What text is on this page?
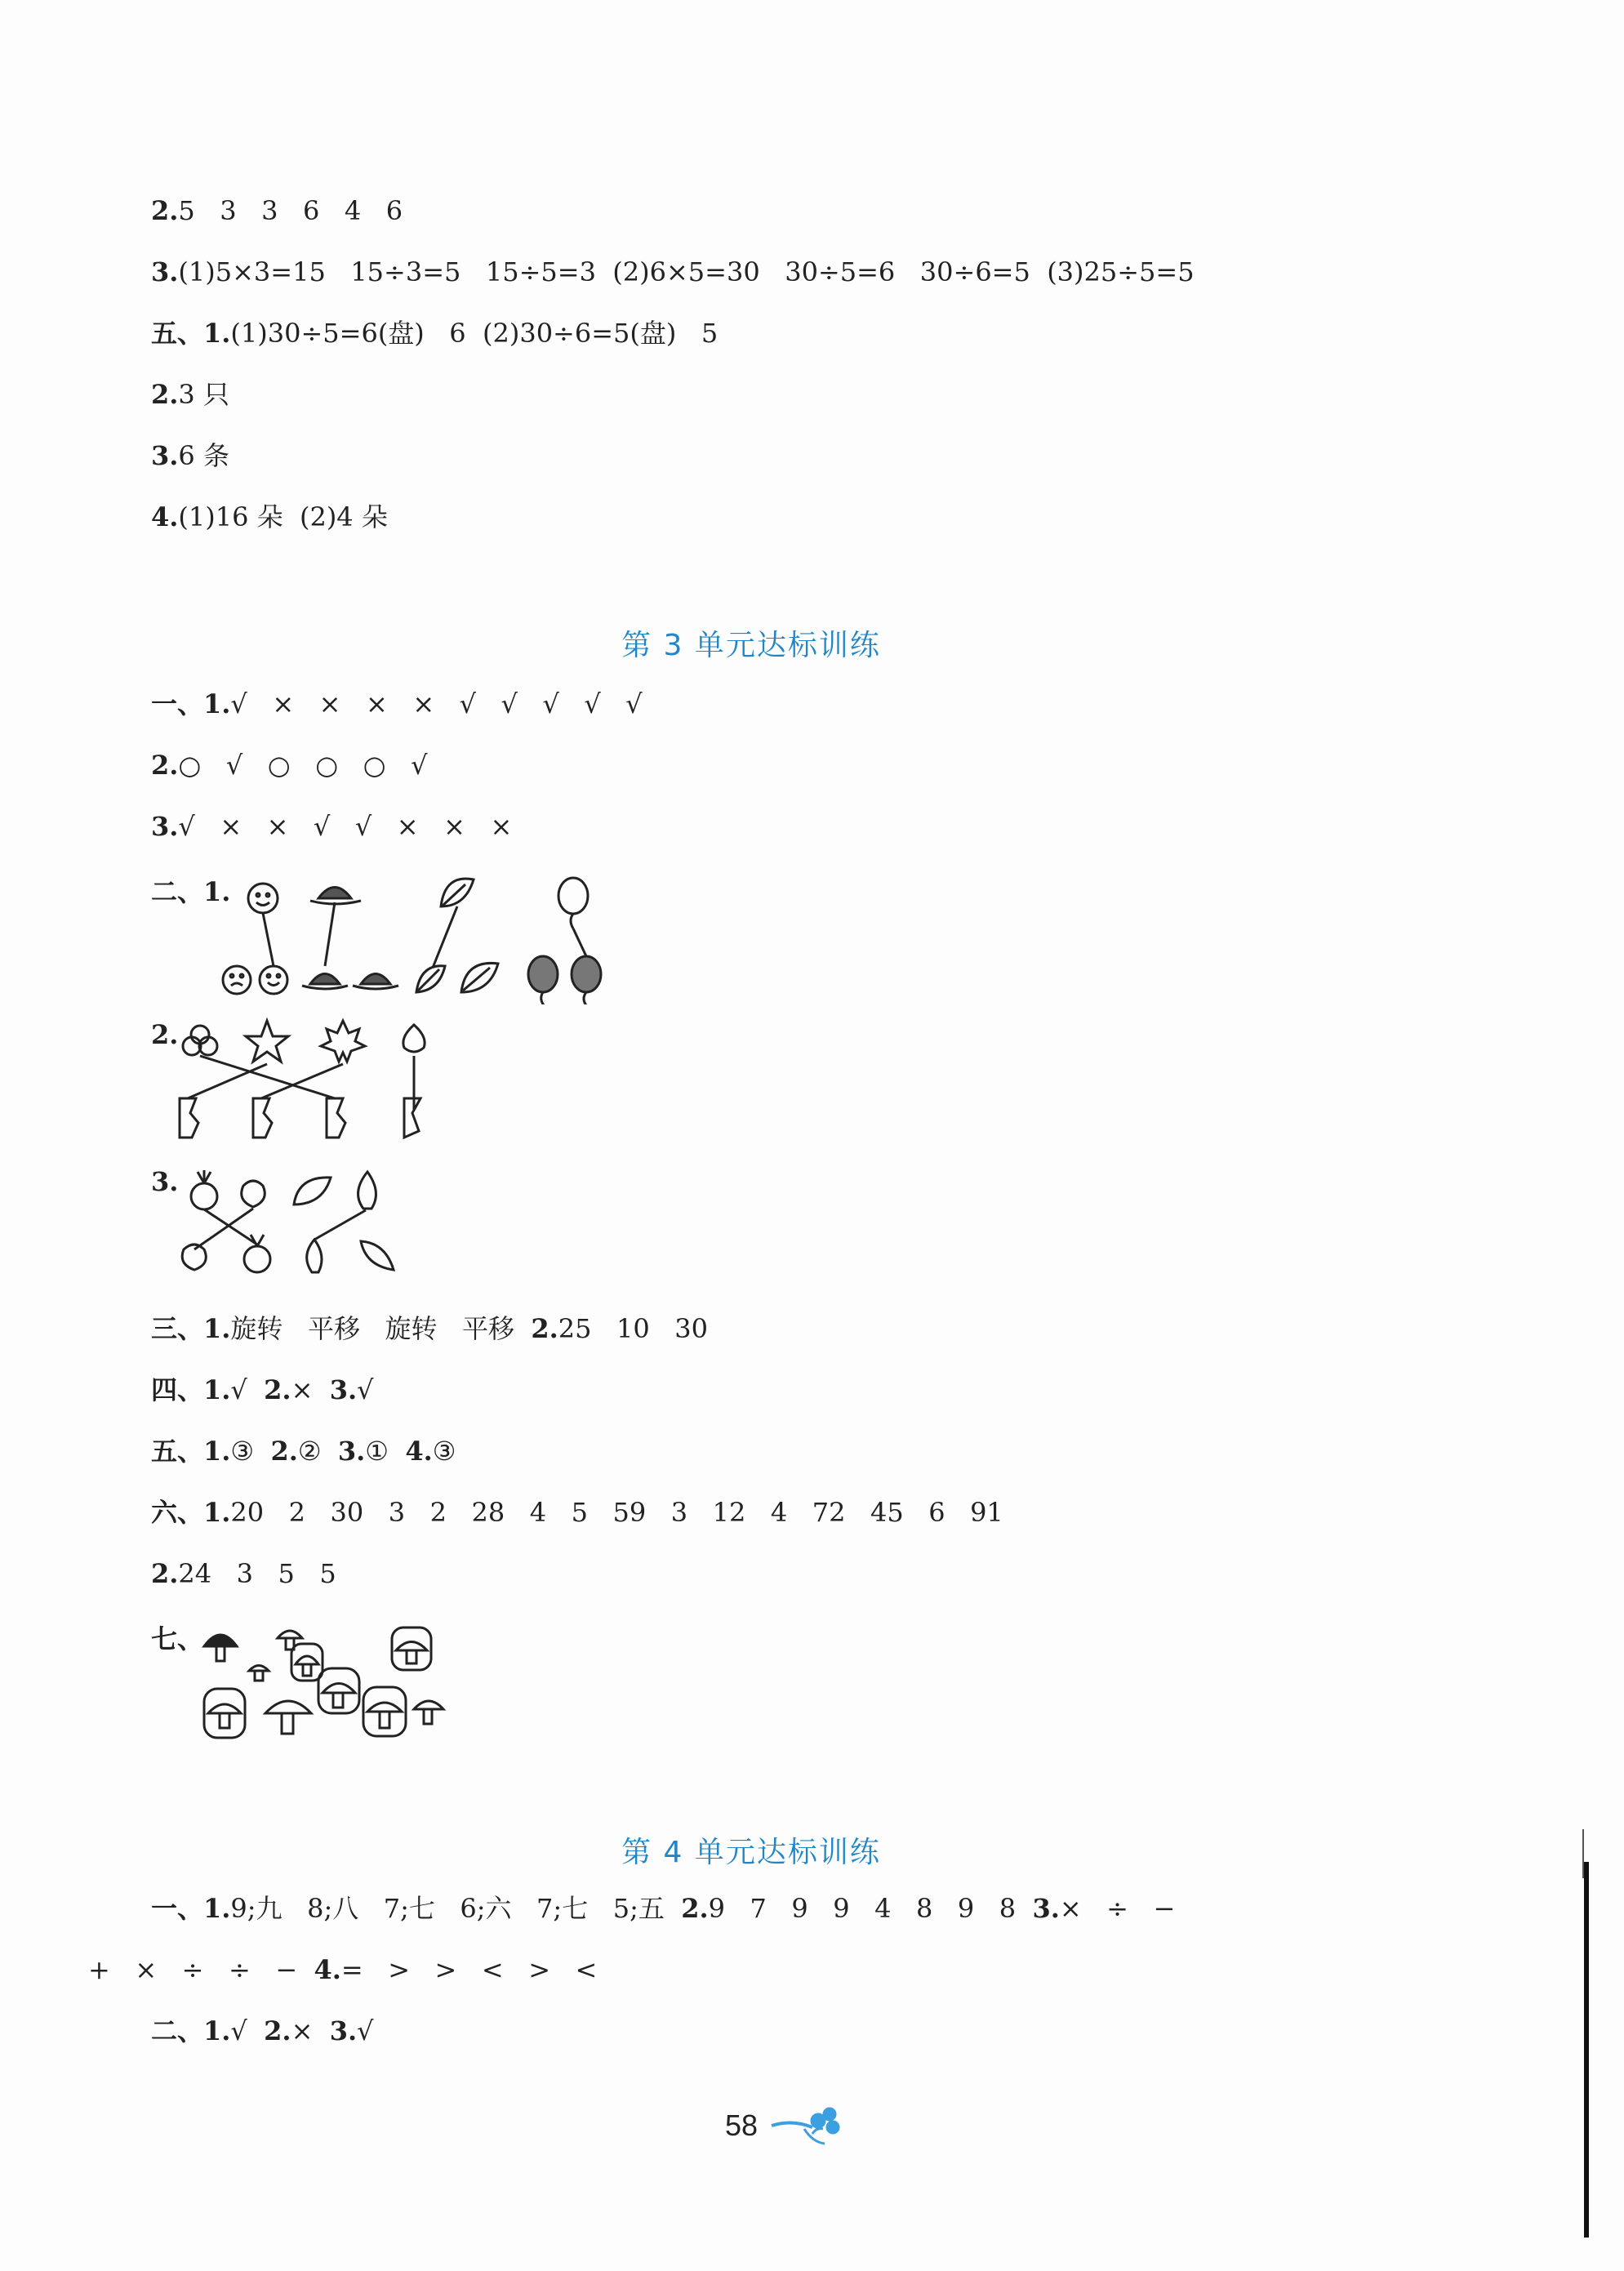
2.5   3   3   6   4   6
3.(1)5×3=15   15÷3=5   15÷5=3  (2)6×5=30   30÷5=6   30÷6=5  (3)25÷5=5
五、1.(1)30÷5=6(盘)   6  (2)30÷6=5(盘)   5
2.3 只
3.6 条
4.(1)16 朵  (2)4 朵
第 3 单元达标训练
一、1.√   ×   ×   ×   ×   √   √   √   √   √
2.○   √   ○   ○   ○   √
3.√   ×   ×   √   √   ×   ×   ×
二、1.
2.
3.
三、1.旋转   平移   旋转   平移  2.25   10   30
四、1.√  2.×  3.√
五、1.③  2.②  3.①  4.③
六、1.20   2   30   3   2   28   4   5   59   3   12   4   72   45   6   91
2.24   3   5   5
七、
第 4 单元达标训练
一、1.9;九   8;八   7;七   6;六   7;七   5;五  2.9   7   9   9   4   8   9   8  3.×   ÷   −
+   ×   ÷   ÷   −  4.=   >   >   <   >   <
二、1.√  2.×  3.√
58
